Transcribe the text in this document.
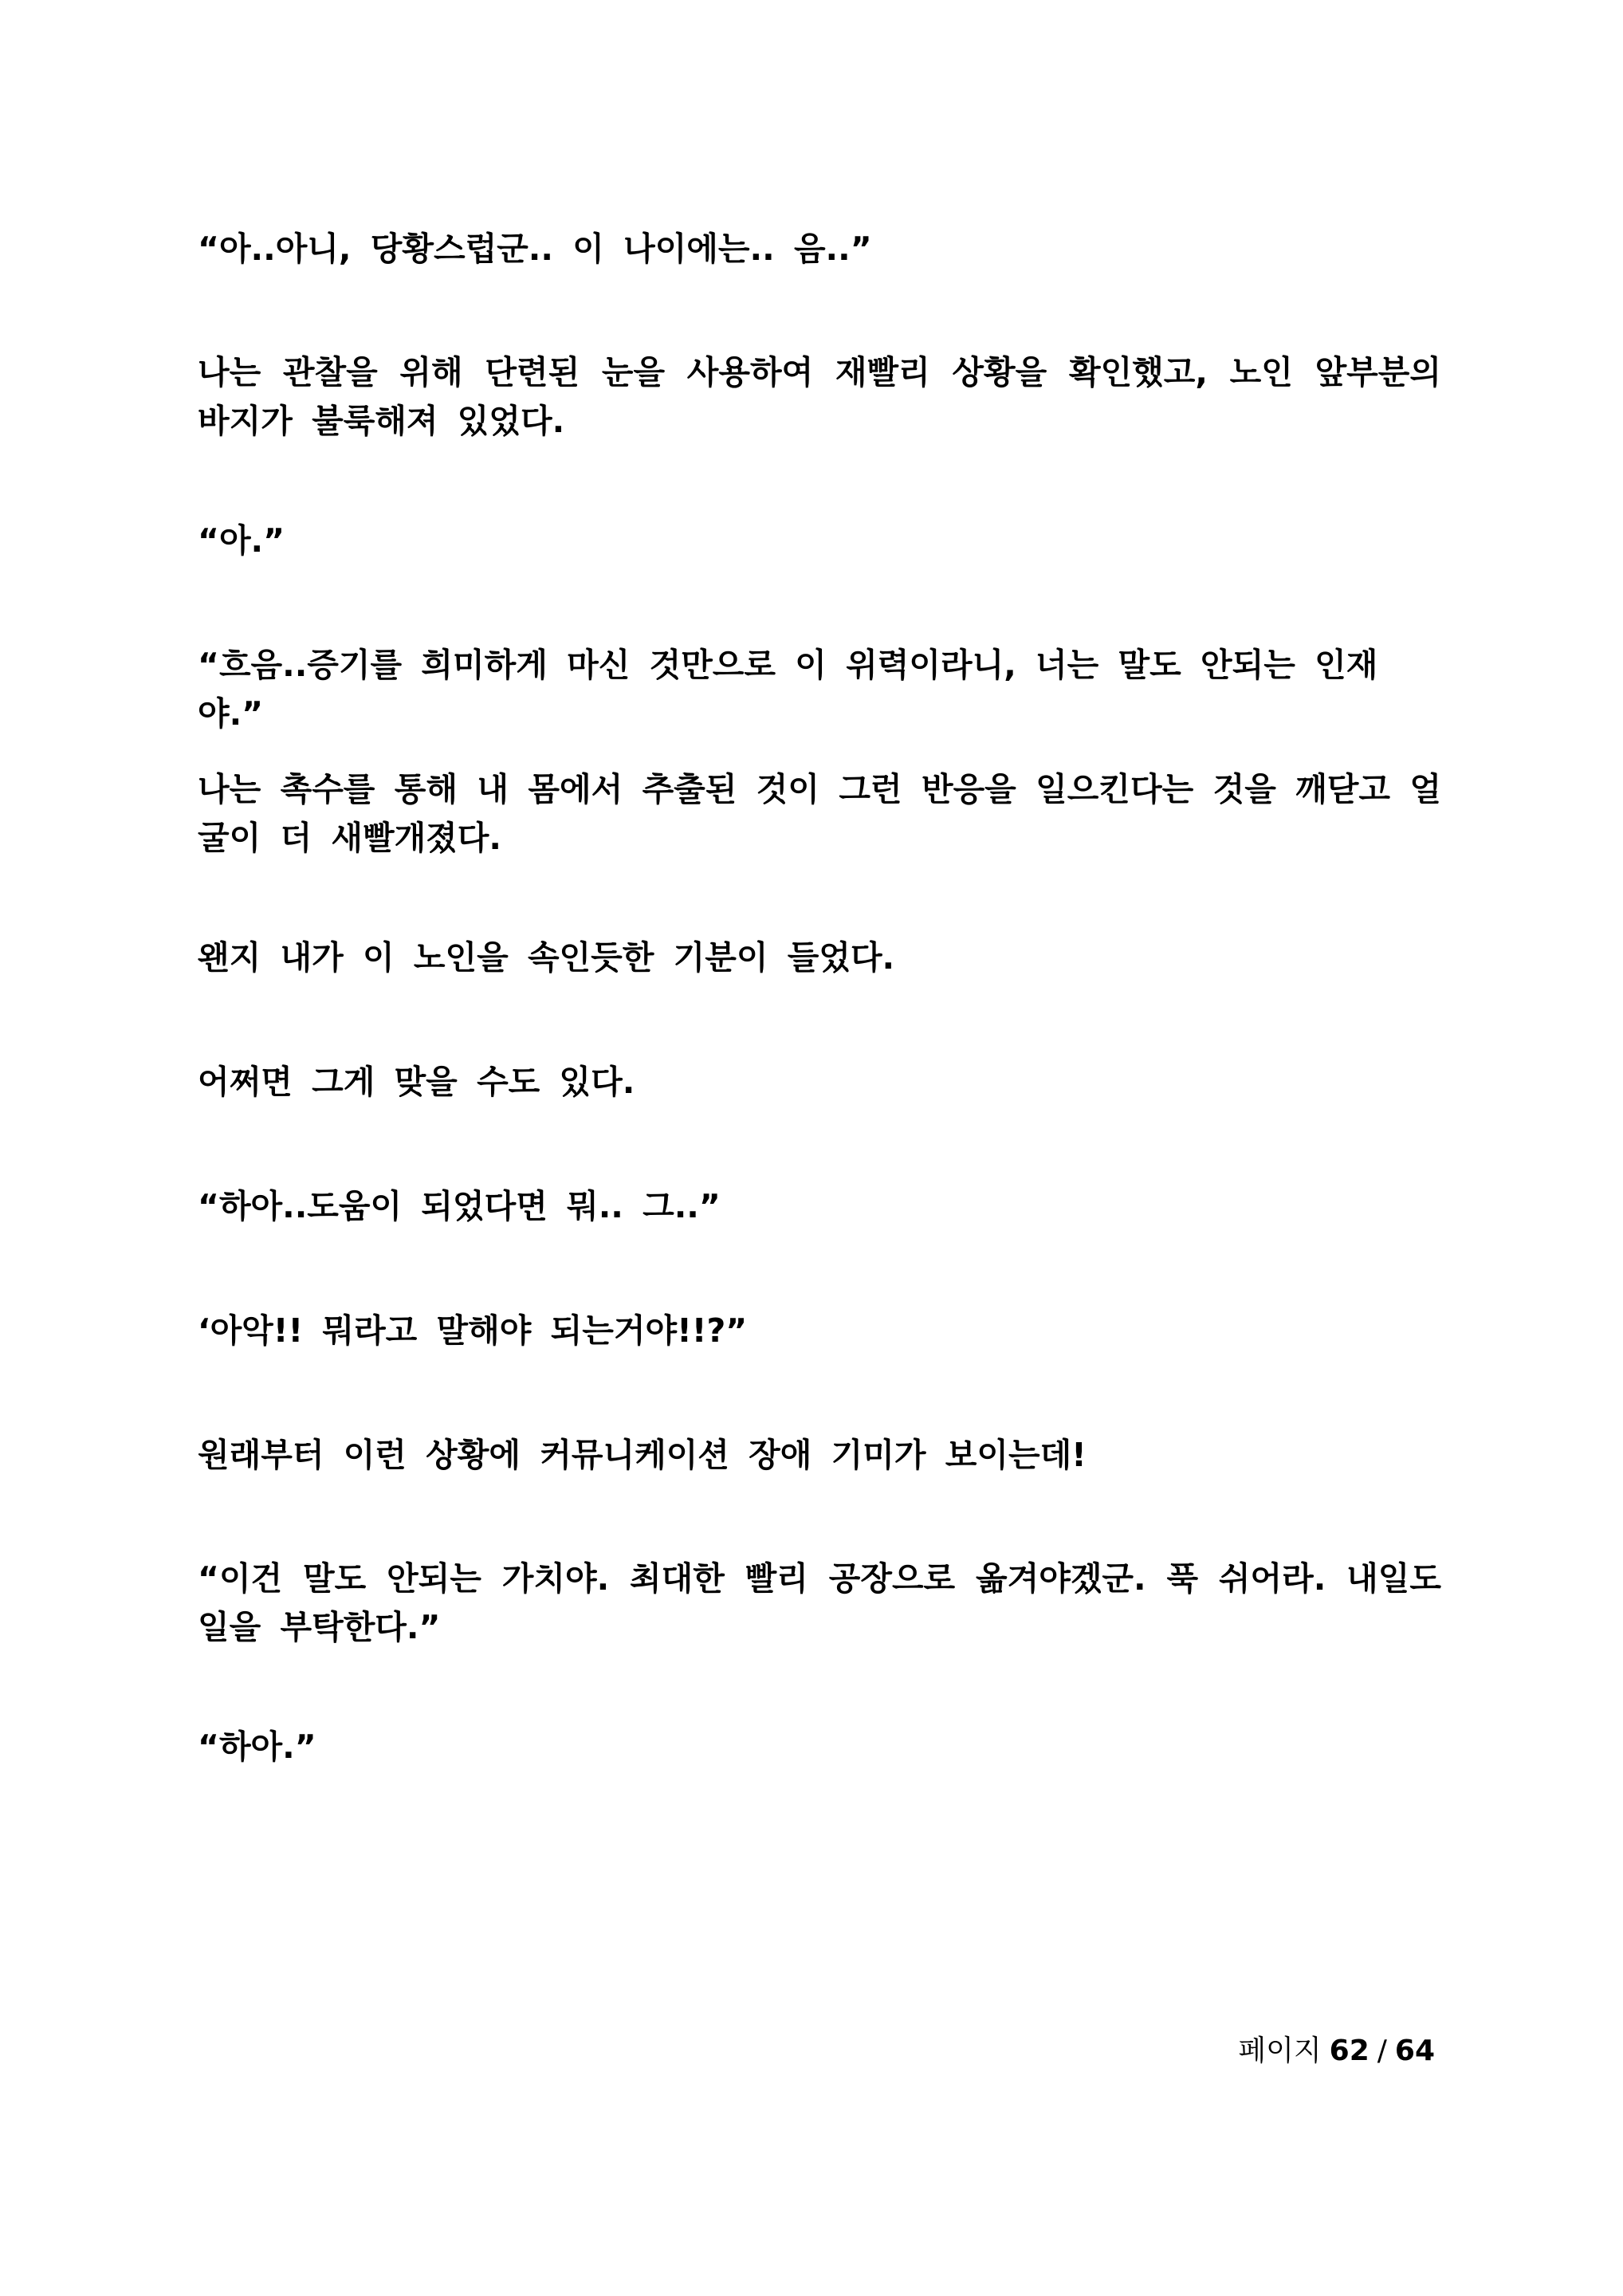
“아..아니, 당황스럽군.. 이 나이에는.. 음..”

나는 관찰을 위해 단련된 눈을 사용하여 재빨리 상황을 확인했고, 노인 앞부분의 바지가 불룩해져 있었다.

“아.”

“흐음..증기를 희미하게 마신 것만으로 이 위력이라니, 너는 말도 안되는 인재야.”

나는 촉수를 통해 내 몸에서 추출된 것이 그런 반응을 일으킨다는 것을 깨닫고 얼굴이 더 새빨개졌다.

왠지 내가 이 노인을 속인듯한 기분이 들었다.

어쩌면 그게 맞을 수도 있다.

“하아..도움이 되었다면 뭐.. 그..”

‘아악!! 뭐라고 말해야 되는거야!!?”

원래부터 이런 상황에 커뮤니케이션 장애 기미가 보이는데!

“이건 말도 안되는 가치야. 최대한 빨리 공장으로 옮겨야겠군. 푹 쉬어라. 내일도 일을 부탁한다.”

“하아.”

페이지 62 / 64
